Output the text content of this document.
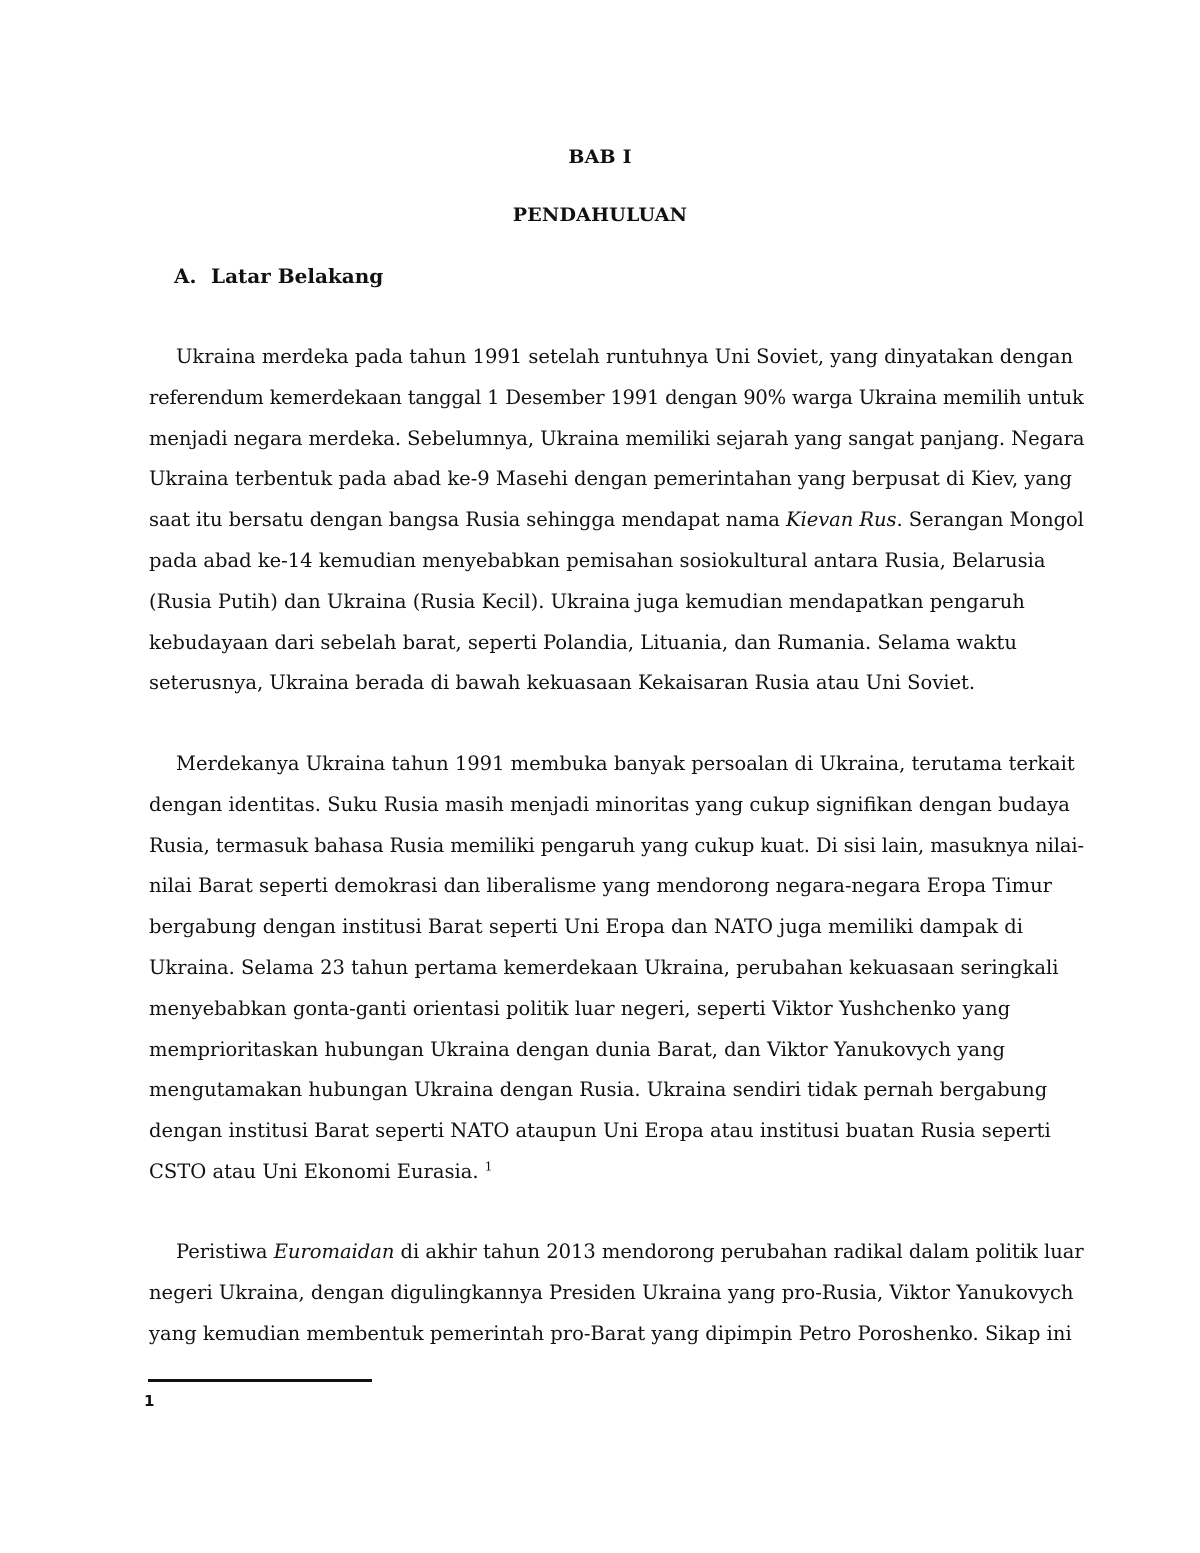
BAB I
PENDAHULUAN
A. Latar Belakang
Ukraina merdeka pada tahun 1991 setelah runtuhnya Uni Soviet, yang dinyatakan dengan
referendum kemerdekaan tanggal 1 Desember 1991 dengan 90% warga Ukraina memilih untuk
menjadi negara merdeka. Sebelumnya, Ukraina memiliki sejarah yang sangat panjang. Negara
Ukraina terbentuk pada abad ke-9 Masehi dengan pemerintahan yang berpusat di Kiev, yang
saat itu bersatu dengan bangsa Rusia sehingga mendapat nama Kievan Rus. Serangan Mongol
pada abad ke-14 kemudian menyebabkan pemisahan sosiokultural antara Rusia, Belarusia
(Rusia Putih) dan Ukraina (Rusia Kecil). Ukraina juga kemudian mendapatkan pengaruh
kebudayaan dari sebelah barat, seperti Polandia, Lituania, dan Rumania. Selama waktu
seterusnya, Ukraina berada di bawah kekuasaan Kekaisaran Rusia atau Uni Soviet.
Merdekanya Ukraina tahun 1991 membuka banyak persoalan di Ukraina, terutama terkait
dengan identitas. Suku Rusia masih menjadi minoritas yang cukup signifikan dengan budaya
Rusia, termasuk bahasa Rusia memiliki pengaruh yang cukup kuat. Di sisi lain, masuknya nilai-
nilai Barat seperti demokrasi dan liberalisme yang mendorong negara-negara Eropa Timur
bergabung dengan institusi Barat seperti Uni Eropa dan NATO juga memiliki dampak di
Ukraina. Selama 23 tahun pertama kemerdekaan Ukraina, perubahan kekuasaan seringkali
menyebabkan gonta-ganti orientasi politik luar negeri, seperti Viktor Yushchenko yang
memprioritaskan hubungan Ukraina dengan dunia Barat, dan Viktor Yanukovych yang
mengutamakan hubungan Ukraina dengan Rusia. Ukraina sendiri tidak pernah bergabung
dengan institusi Barat seperti NATO ataupun Uni Eropa atau institusi buatan Rusia seperti
CSTO atau Uni Ekonomi Eurasia. $^1$
Peristiwa Euromaidan di akhir tahun 2013 mendorong perubahan radikal dalam politik luar
negeri Ukraina, dengan digulingkannya Presiden Ukraina yang pro-Rusia, Viktor Yanukovych
yang kemudian membentuk pemerintah pro-Barat yang dipimpin Petro Poroshenko. Sikap ini
1
